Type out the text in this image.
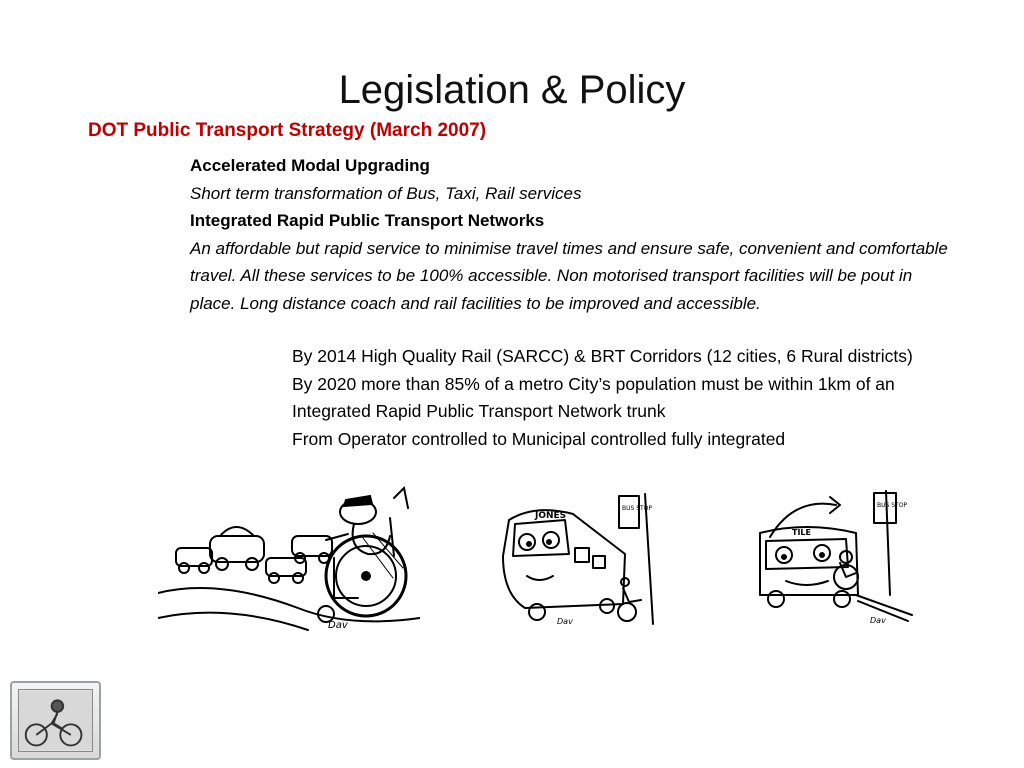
Legislation & Policy
DOT Public Transport Strategy (March 2007)
Accelerated Modal Upgrading
Short term transformation of Bus, Taxi, Rail services
Integrated Rapid Public Transport Networks
An affordable but rapid service to minimise travel times and ensure safe, convenient and comfortable travel. All these services to be 100% accessible. Non motorised transport facilities will be pout in place. Long distance coach and rail facilities to be improved and accessible.
By 2014 High Quality Rail (SARCC) & BRT Corridors (12 cities, 6 Rural districts)
By 2020 more than 85% of a metro City’s population must be within 1km of an Integrated Rapid Public Transport Network trunk
From Operator controlled to Municipal controlled fully integrated
Dav
JONES
BUS STOP
Dav
TILE
BUS STOP
Dav
